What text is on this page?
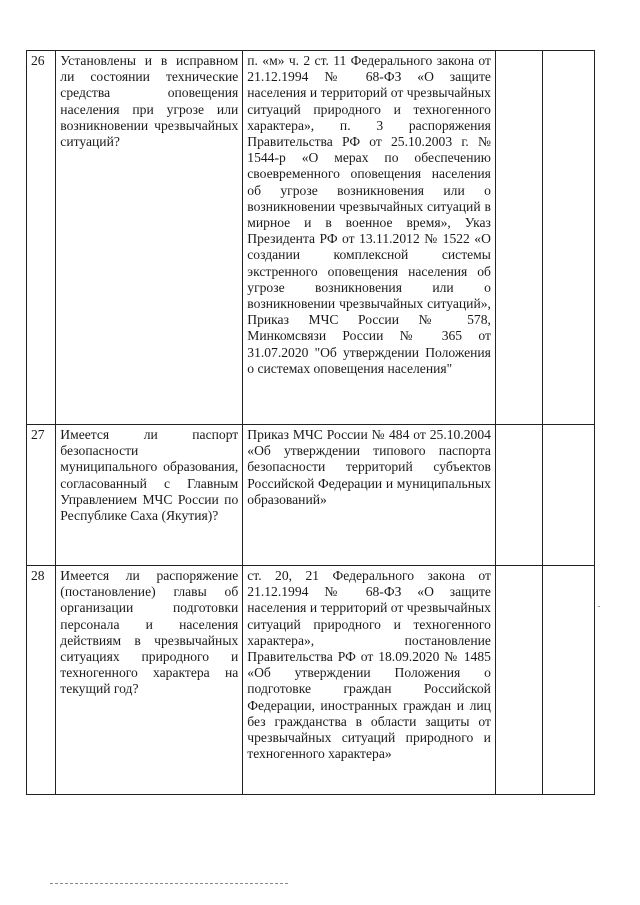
26	Установлены и в исправном ли состоянии технические средства оповещения населения при угрозе или возникновении чрезвычайных ситуаций?	п. «м» ч. 2 ст. 11 Федерального закона от 21.12.1994 № 68-ФЗ «О защите населения и территорий от чрезвычайных ситуаций природного и техногенного характера», п. 3 распоряжения Правительства РФ от 25.10.2003 г. № 1544-р «О мерах по обеспечению своевременного оповещения населения об угрозе возникновения или о возникновении чрезвычайных ситуаций в мирное и в военное время», Указ Президента РФ от 13.11.2012 № 1522 «О создании комплексной системы экстренного оповещения населения об угрозе возникновения или о возникновении чрезвычайных ситуаций», Приказ МЧС России № 578, Минкомсвязи России № 365 от 31.07.2020 "Об утверждении Положения о системах оповещения населения"		
27	Имеется ли паспорт безопасности муниципального образования, согласованный с Главным Управлением МЧС России по Республике Саха (Якутия)?	Приказ МЧС России № 484 от 25.10.2004 «Об утверждении типового паспорта безопасности территорий субъектов Российской Федерации и муниципальных образований»		
28	Имеется ли распоряжение (постановление) главы об организации подготовки персонала и населения действиям в чрезвычайных ситуациях природного и техногенного характера на текущий год?	ст. 20, 21 Федерального закона от 21.12.1994 № 68-ФЗ «О защите населения и территорий от чрезвычайных ситуаций природного и техногенного характера», постановление Правительства РФ от 18.09.2020 № 1485 «Об утверждении Положения о подготовке граждан Российской Федерации, иностранных граждан и лиц без гражданства в области защиты от чрезвычайных ситуаций природного и техногенного характера»		
